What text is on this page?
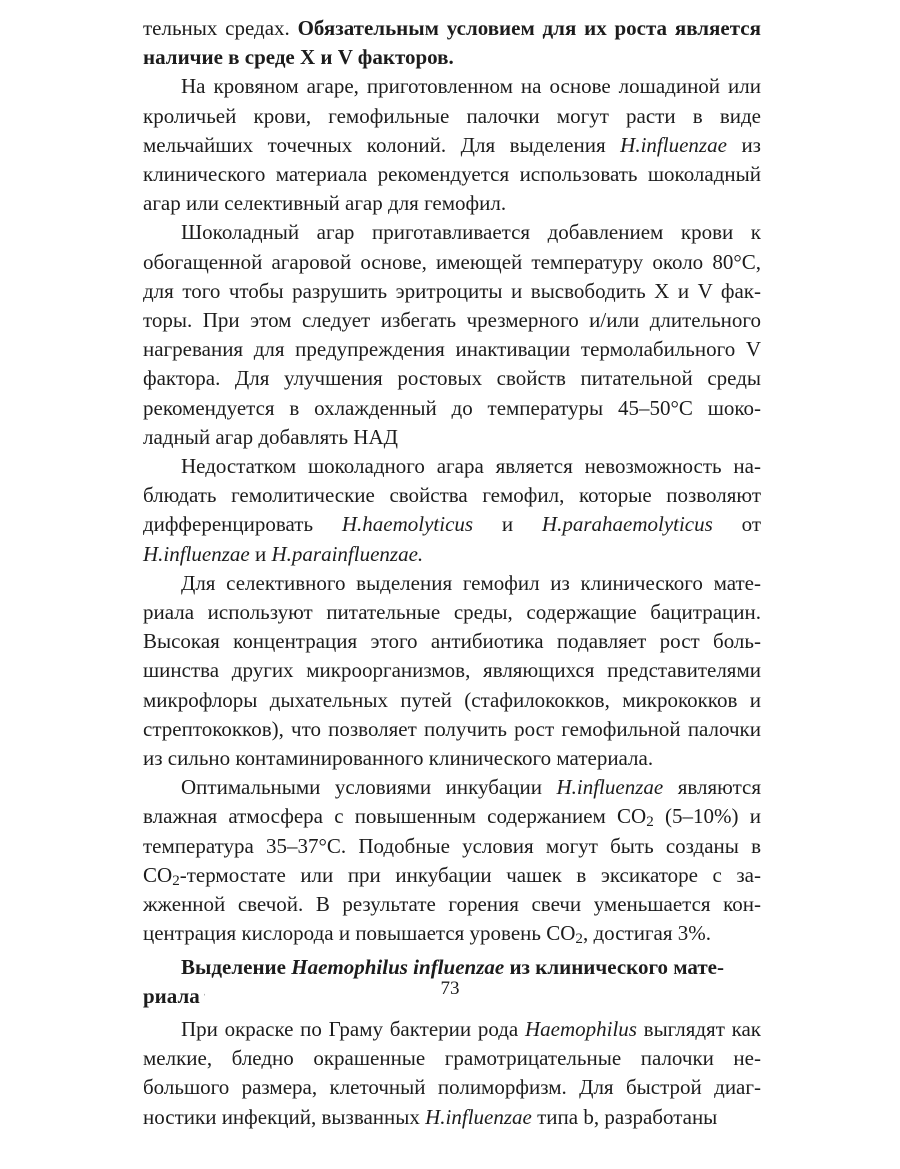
тельных средах. Обязательным условием для их роста является наличие в среде X и V факторов.

На кровяном агаре, приготовленном на основе лошадиной или кроличьей крови, гемофильные палочки могут расти в виде мельчайших точечных колоний. Для выделения H.influenzae из клинического материала рекомендуется использовать шоколадный агар или селективный агар для гемофил.

Шоколадный агар приготавливается добавлением крови к обогащенной агаровой основе, имеющей температуру около 80°С, для того чтобы разрушить эритроциты и высвободить X и V факторы. При этом следует избегать чрезмерного и/или длительного нагревания для предупреждения инактивации термолабильного V фактора. Для улучшения ростовых свойств питательной среды рекомендуется в охлажденный до температуры 45–50°С шоколадный агар добавлять НАД

Недостатком шоколадного агара является невозможность наблюдать гемолитические свойства гемофил, которые позволяют дифференцировать H.haemolyticus и H.parahaemolyticus от H.influenzae и H.parainfluenzae.

Для селективного выделения гемофил из клинического материала используют питательные среды, содержащие бацитрацин. Высокая концентрация этого антибиотика подавляет рост большинства других микроорганизмов, являющихся представителями микрофлоры дыхательных путей (стафилококков, микрококков и стрептококков), что позволяет получить рост гемофильной палочки из сильно контаминированного клинического материала.

Оптимальными условиями инкубации H.influenzae являются влажная атмосфера с повышенным содержанием $СО_2$ (5–10%) и температура 35–37°С. Подобные условия могут быть созданы в $СО_2$-термостате или при инкубации чашек в эксикаторе с зажженной свечой. В результате горения свечи уменьшается концентрация кислорода и повышается уровень $СО_2$, достигая 3%.

Выделение Haemophilus influenzae из клинического материала

При окраске по Граму бактерии рода Haemophilus выглядят как мелкие, бледно окрашенные грамотрицательные палочки небольшого размера, клеточный полиморфизм. Для быстрой диагностики инфекций, вызванных H.influenzae типа b, разработаны

73
ˌ
